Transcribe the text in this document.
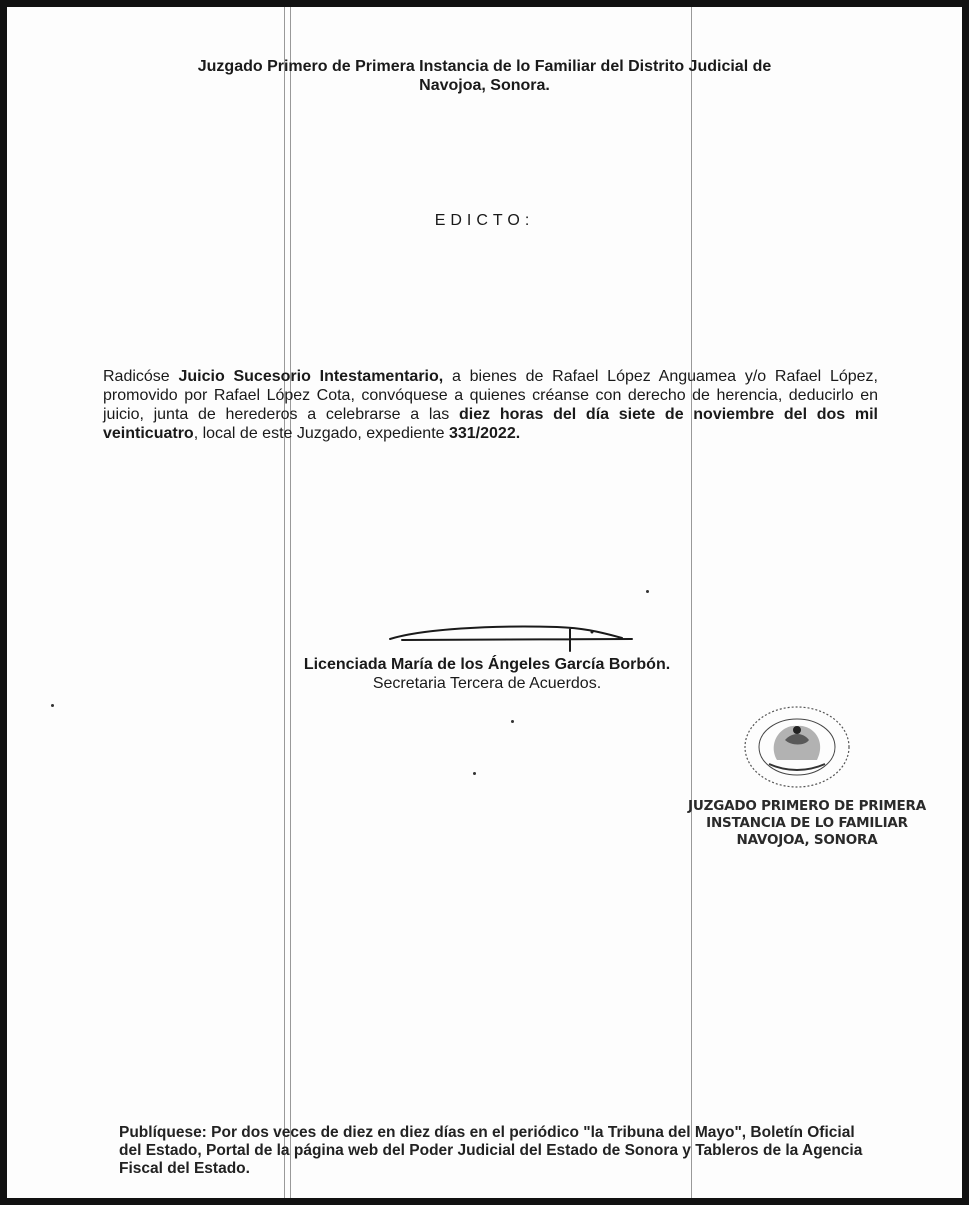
Juzgado Primero de Primera Instancia de lo Familiar del Distrito Judicial de
Navojoa, Sonora.
EDICTO:
Radicóse Juicio Sucesorio Intestamentario, a bienes de Rafael López Anguamea y/o Rafael López, promovido por Rafael López Cota, convóquese a quienes créanse con derecho de herencia, deducirlo en juicio, junta de herederos a celebrarse a las diez horas del día siete de noviembre del dos mil veinticuatro, local de este Juzgado, expediente 331/2022.
Licenciada María de los Ángeles García Borbón.
Secretaria Tercera de Acuerdos.
JUZGADO PRIMERO DE PRIMERA
INSTANCIA DE LO FAMILIAR
NAVOJOA, SONORA
Publíquese: Por dos veces de diez en diez días en el periódico "la Tribuna del Mayo", Boletín Oficial del Estado, Portal de la página web del Poder Judicial del Estado de Sonora y Tableros de la Agencia Fiscal del Estado.
